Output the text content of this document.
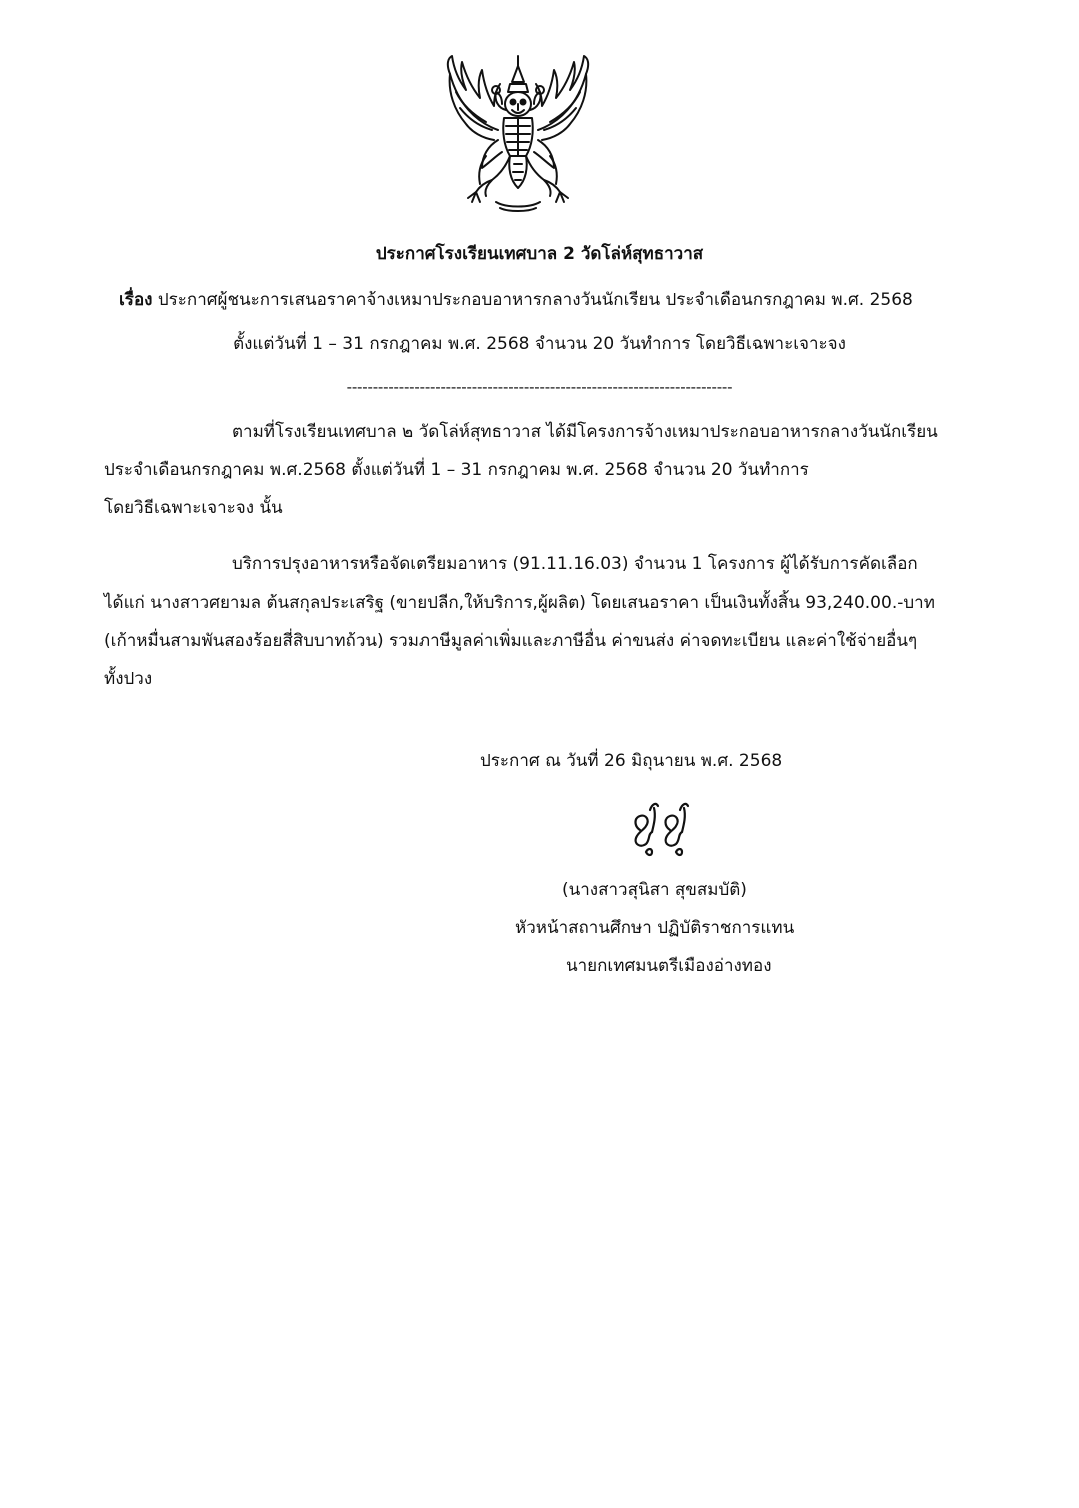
ประกาศโรงเรียนเทศบาล 2 วัดโล่ห์สุทธาวาส
เรื่อง ประกาศผู้ชนะการเสนอราคาจ้างเหมาประกอบอาหารกลางวันนักเรียน ประจำเดือนกรกฎาคม พ.ศ. 2568
ตั้งแต่วันที่ 1 – 31 กรกฎาคม พ.ศ. 2568 จำนวน 20 วันทำการ โดยวิธีเฉพาะเจาะจง
--------------------------------------------------------------------------
ตามที่โรงเรียนเทศบาล ๒ วัดโล่ห์สุทธาวาส ได้มีโครงการจ้างเหมาประกอบอาหารกลางวันนักเรียน
ประจำเดือนกรกฎาคม พ.ศ.2568 ตั้งแต่วันที่ 1 – 31 กรกฎาคม พ.ศ. 2568 จำนวน 20 วันทำการ
โดยวิธีเฉพาะเจาะจง นั้น
บริการปรุงอาหารหรือจัดเตรียมอาหาร (91.11.16.03) จำนวน 1 โครงการ ผู้ได้รับการคัดเลือก
ได้แก่ นางสาวศยามล ต้นสกุลประเสริฐ (ขายปลีก,ให้บริการ,ผู้ผลิต) โดยเสนอราคา เป็นเงินทั้งสิ้น 93,240.00.-บาท
(เก้าหมื่นสามพันสองร้อยสี่สิบบาทถ้วน) รวมภาษีมูลค่าเพิ่มและภาษีอื่น ค่าขนส่ง ค่าจดทะเบียน และค่าใช้จ่ายอื่นๆ
ทั้งปวง
ประกาศ ณ วันที่ 26 มิถุนายน พ.ศ. 2568
(นางสาวสุนิสา สุขสมบัติ)
หัวหน้าสถานศึกษา ปฏิบัติราชการแทน
นายกเทศมนตรีเมืองอ่างทอง
